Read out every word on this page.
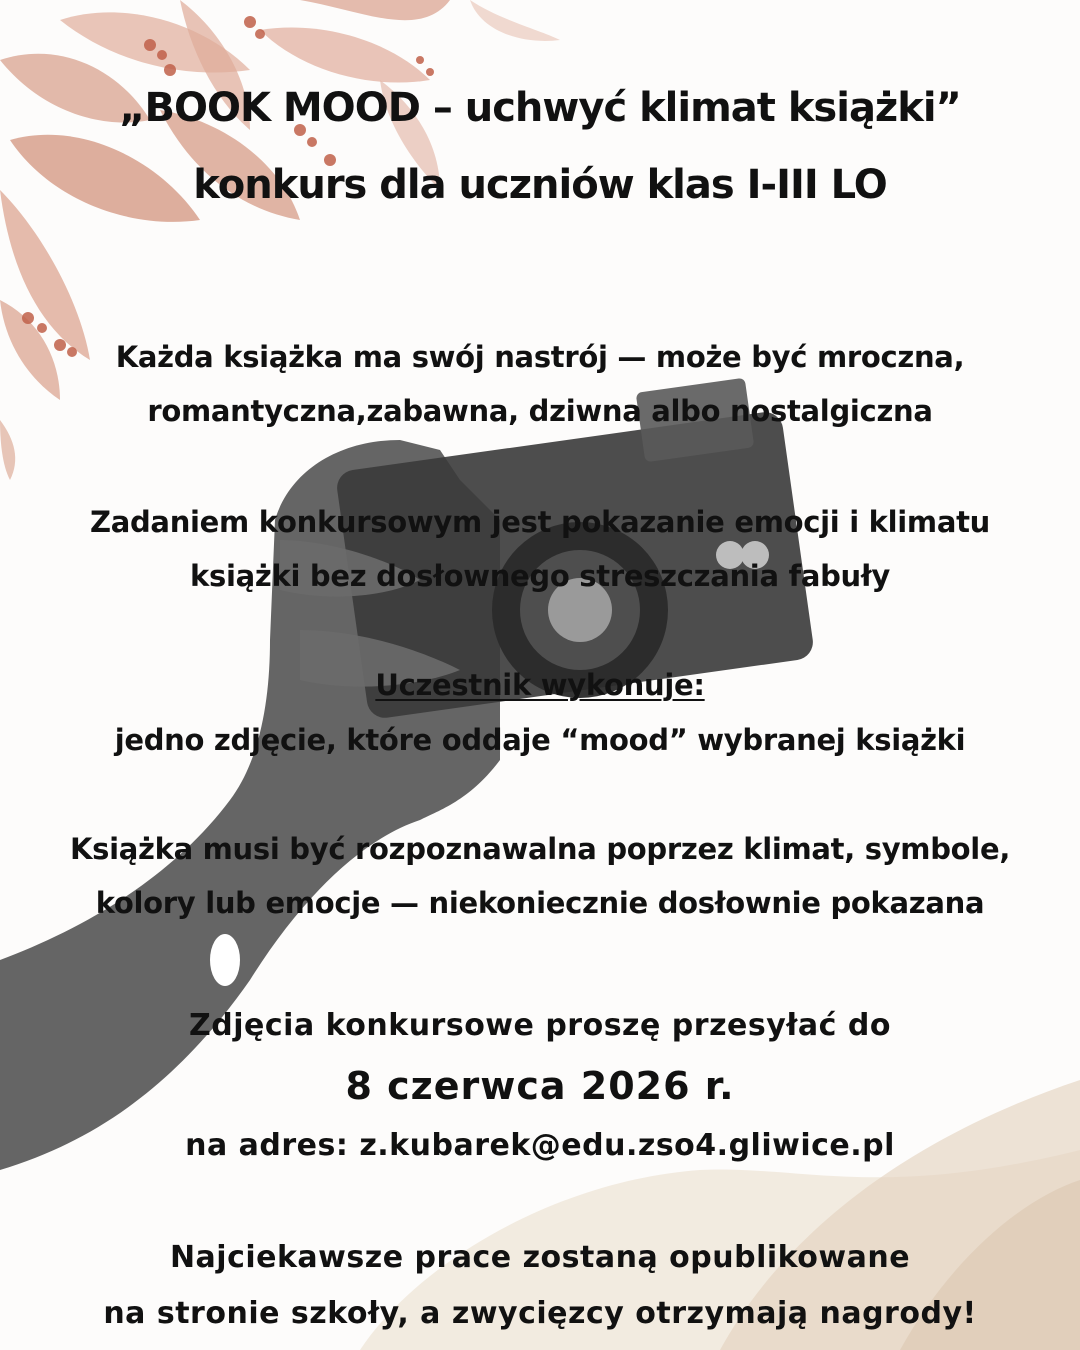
„BOOK MOOD – uchwyć klimat książki”
konkurs dla uczniów klas I-III LO
Każda książka ma swój nastrój — może być mroczna,
romantyczna,zabawna, dziwna albo nostalgiczna
Zadaniem konkursowym jest pokazanie emocji i klimatu
książki bez dosłownego streszczania fabuły
Uczestnik wykonuje:
jedno zdjęcie, które oddaje “mood” wybranej książki
Książka musi być rozpoznawalna poprzez klimat, symbole,
kolory lub emocje — niekoniecznie dosłownie pokazana
Zdjęcia konkursowe proszę przesyłać do
8 czerwca 2026 r.
na adres: z.kubarek@edu.zso4.gliwice.pl
Najciekawsze prace zostaną opublikowane
na stronie szkoły, a zwycięzcy otrzymają nagrody!
